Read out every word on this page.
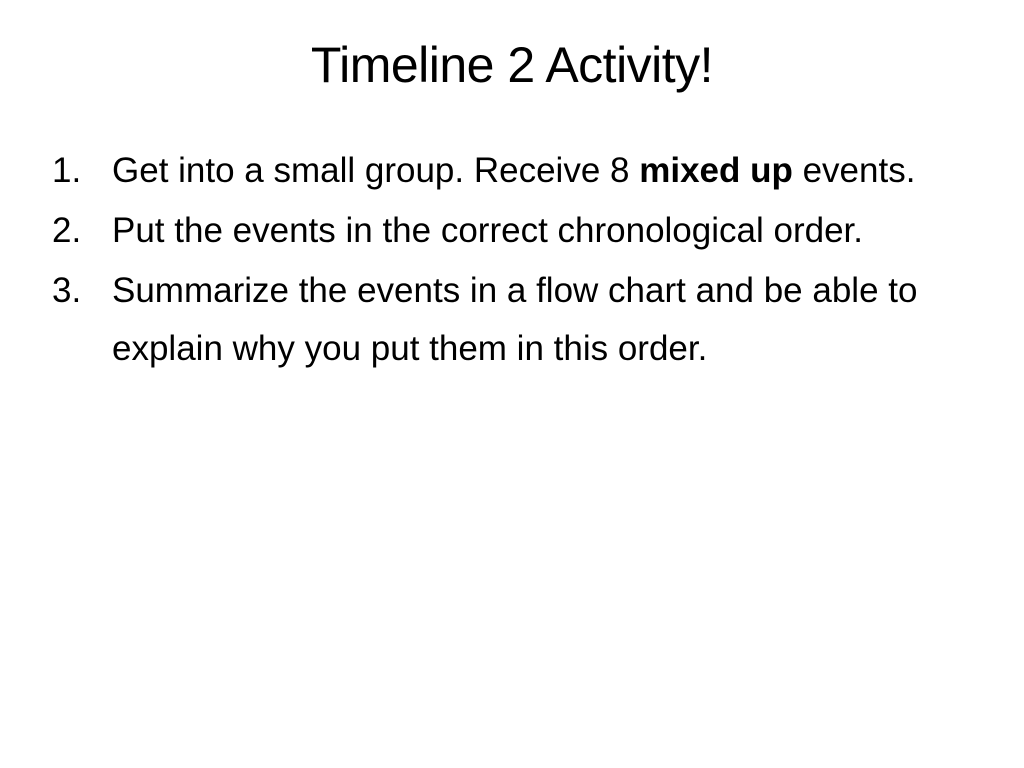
Timeline 2 Activity!
1. Get into a small group. Receive 8 mixed up events.
2. Put the events in the correct chronological order.
3. Summarize the events in a flow chart and be able to explain why you put them in this order.
